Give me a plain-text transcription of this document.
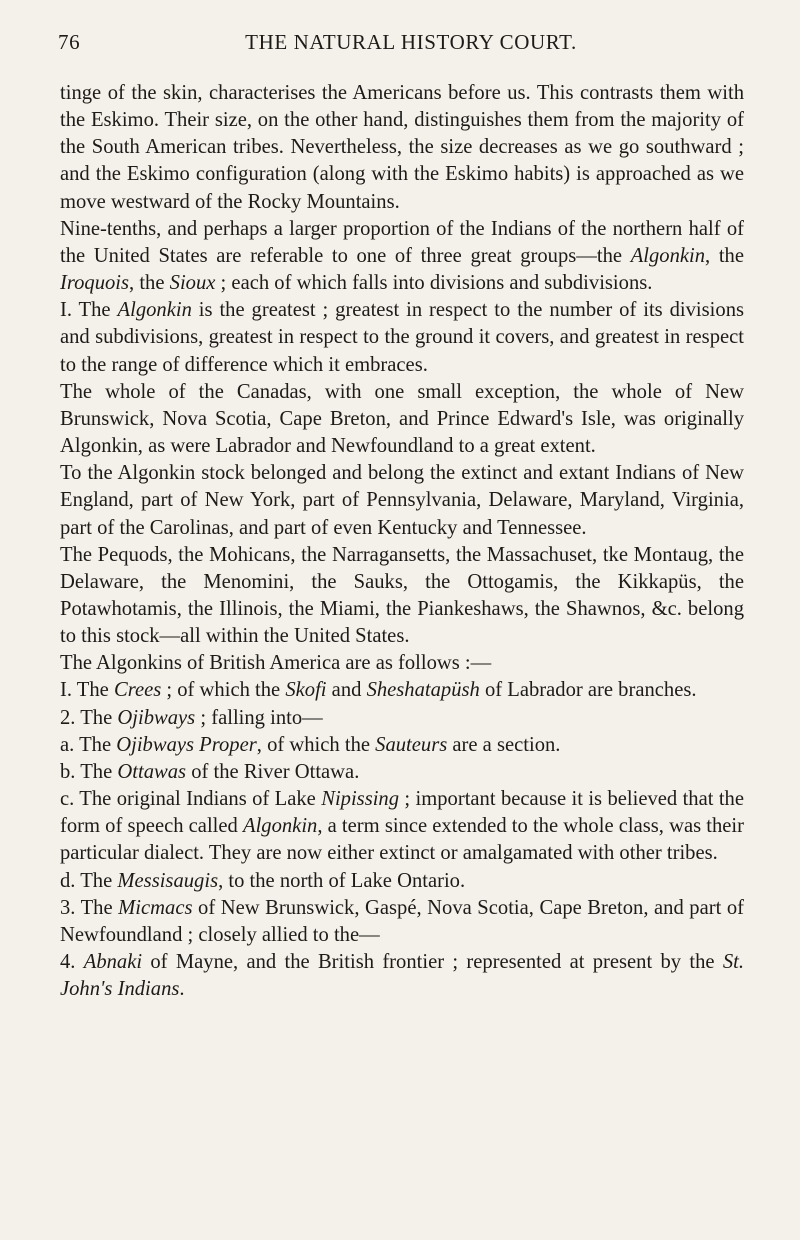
76	THE NATURAL HISTORY COURT.

tinge of the skin, characterises the Americans before us. This contrasts them with the Eskimo. Their size, on the other hand, distinguishes them from the majority of the South American tribes. Nevertheless, the size decreases as we go southward ; and the Eskimo configuration (along with the Eskimo habits) is approached as we move westward of the Rocky Mountains.

Nine-tenths, and perhaps a larger proportion of the Indians of the northern half of the United States are referable to one of three great groups—the Algonkin, the Iroquois, the Sioux ; each of which falls into divisions and subdivisions.

I. The Algonkin is the greatest ; greatest in respect to the number of its divisions and subdivisions, greatest in respect to the ground it covers, and greatest in respect to the range of difference which it embraces.

The whole of the Canadas, with one small exception, the whole of New Brunswick, Nova Scotia, Cape Breton, and Prince Edward's Isle, was originally Algonkin, as were Labrador and Newfoundland to a great extent.

To the Algonkin stock belonged and belong the extinct and extant Indians of New England, part of New York, part of Pennsylvania, Delaware, Maryland, Virginia, part of the Carolinas, and part of even Kentucky and Tennessee.

The Pequods, the Mohicans, the Narragansetts, the Massachuset, tke Montaug, the Delaware, the Menomini, the Sauks, the Ottogamis, the Kikkapüs, the Potawhotamis, the Illinois, the Miami, the Piankeshaws, the Shawnos, &c. belong to this stock—all within the United States.

The Algonkins of British America are as follows :—

I. The Crees ; of which the Skofi and Sheshatapüsh of Labrador are branches.

2. The Ojibways ; falling into—

a. The Ojibways Proper, of which the Sauteurs are a section.

b. The Ottawas of the River Ottawa.

c. The original Indians of Lake Nipissing ; important because it is believed that the form of speech called Algonkin, a term since extended to the whole class, was their particular dialect. They are now either extinct or amalgamated with other tribes.

d. The Messisaugis, to the north of Lake Ontario.

3. The Micmacs of New Brunswick, Gaspé, Nova Scotia, Cape Breton, and part of Newfoundland ; closely allied to the—

4. Abnaki of Mayne, and the British frontier ; represented at present by the St. John's Indians.
